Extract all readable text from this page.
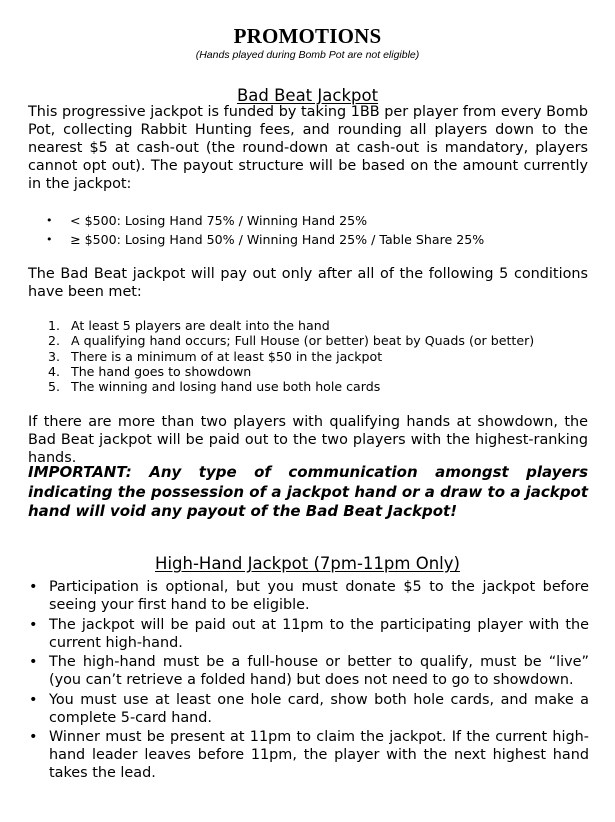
PROMOTIONS
(Hands played during Bomb Pot are not eligible)
Bad Beat Jackpot
This progressive jackpot is funded by taking 1BB per player from every Bomb Pot, collecting Rabbit Hunting fees, and rounding all players down to the nearest $5 at cash-out (the round-down at cash-out is mandatory, players cannot opt out). The payout structure will be based on the amount currently in the jackpot:
• < $500: Losing Hand 75% / Winning Hand 25%
• ≥ $500: Losing Hand 50% / Winning Hand 25% / Table Share 25%
The Bad Beat jackpot will pay out only after all of the following 5 conditions have been met:
1. At least 5 players are dealt into the hand
2. A qualifying hand occurs; Full House (or better) beat by Quads (or better)
3. There is a minimum of at least $50 in the jackpot
4. The hand goes to showdown
5. The winning and losing hand use both hole cards
If there are more than two players with qualifying hands at showdown, the Bad Beat jackpot will be paid out to the two players with the highest-ranking hands.
IMPORTANT: Any type of communication amongst players indicating the possession of a jackpot hand or a draw to a jackpot hand will void any payout of the Bad Beat Jackpot!
High-Hand Jackpot (7pm-11pm Only)
• Participation is optional, but you must donate $5 to the jackpot before seeing your first hand to be eligible.
• The jackpot will be paid out at 11pm to the participating player with the current high-hand.
• The high-hand must be a full-house or better to qualify, must be “live” (you can’t retrieve a folded hand) but does not need to go to showdown.
• You must use at least one hole card, show both hole cards, and make a complete 5-card hand.
• Winner must be present at 11pm to claim the jackpot. If the current high-hand leader leaves before 11pm, the player with the next highest hand takes the lead.
